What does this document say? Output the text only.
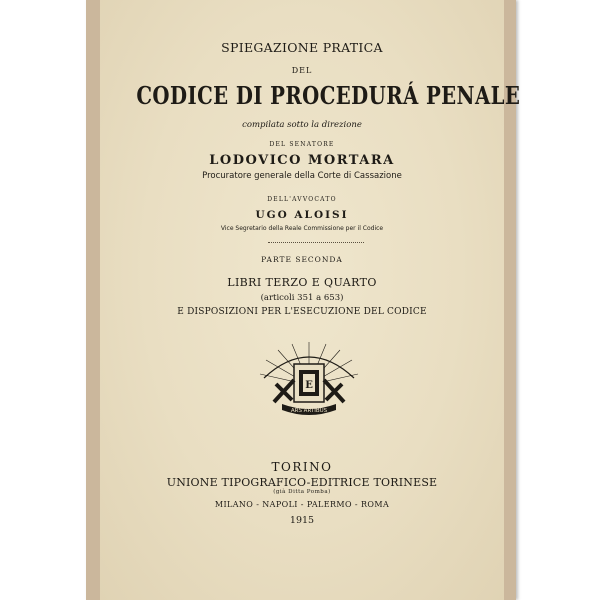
SPIEGAZIONE PRATICA
DEL
CODICE DI PROCEDURÁ PENALE
compilata sotto la direzione
DEL SENATORE
LODOVICO MORTARA
Procuratore generale della Corte di Cassazione
DELL'AVVOCATO
UGO ALOISI
Vice Segretario della Reale Commissione per il Codice
PARTE SECONDA
LIBRI TERZO E QUARTO
(articoli 351 a 653)
E DISPOSIZIONI PER L'ESECUZIONE DEL CODICE
E
ARS ARTIBUS
TORINO
UNIONE TIPOGRAFICO-EDITRICE TORINESE
(già Ditta Pomba)
MILANO - NAPOLI - PALERMO - ROMA
1915
